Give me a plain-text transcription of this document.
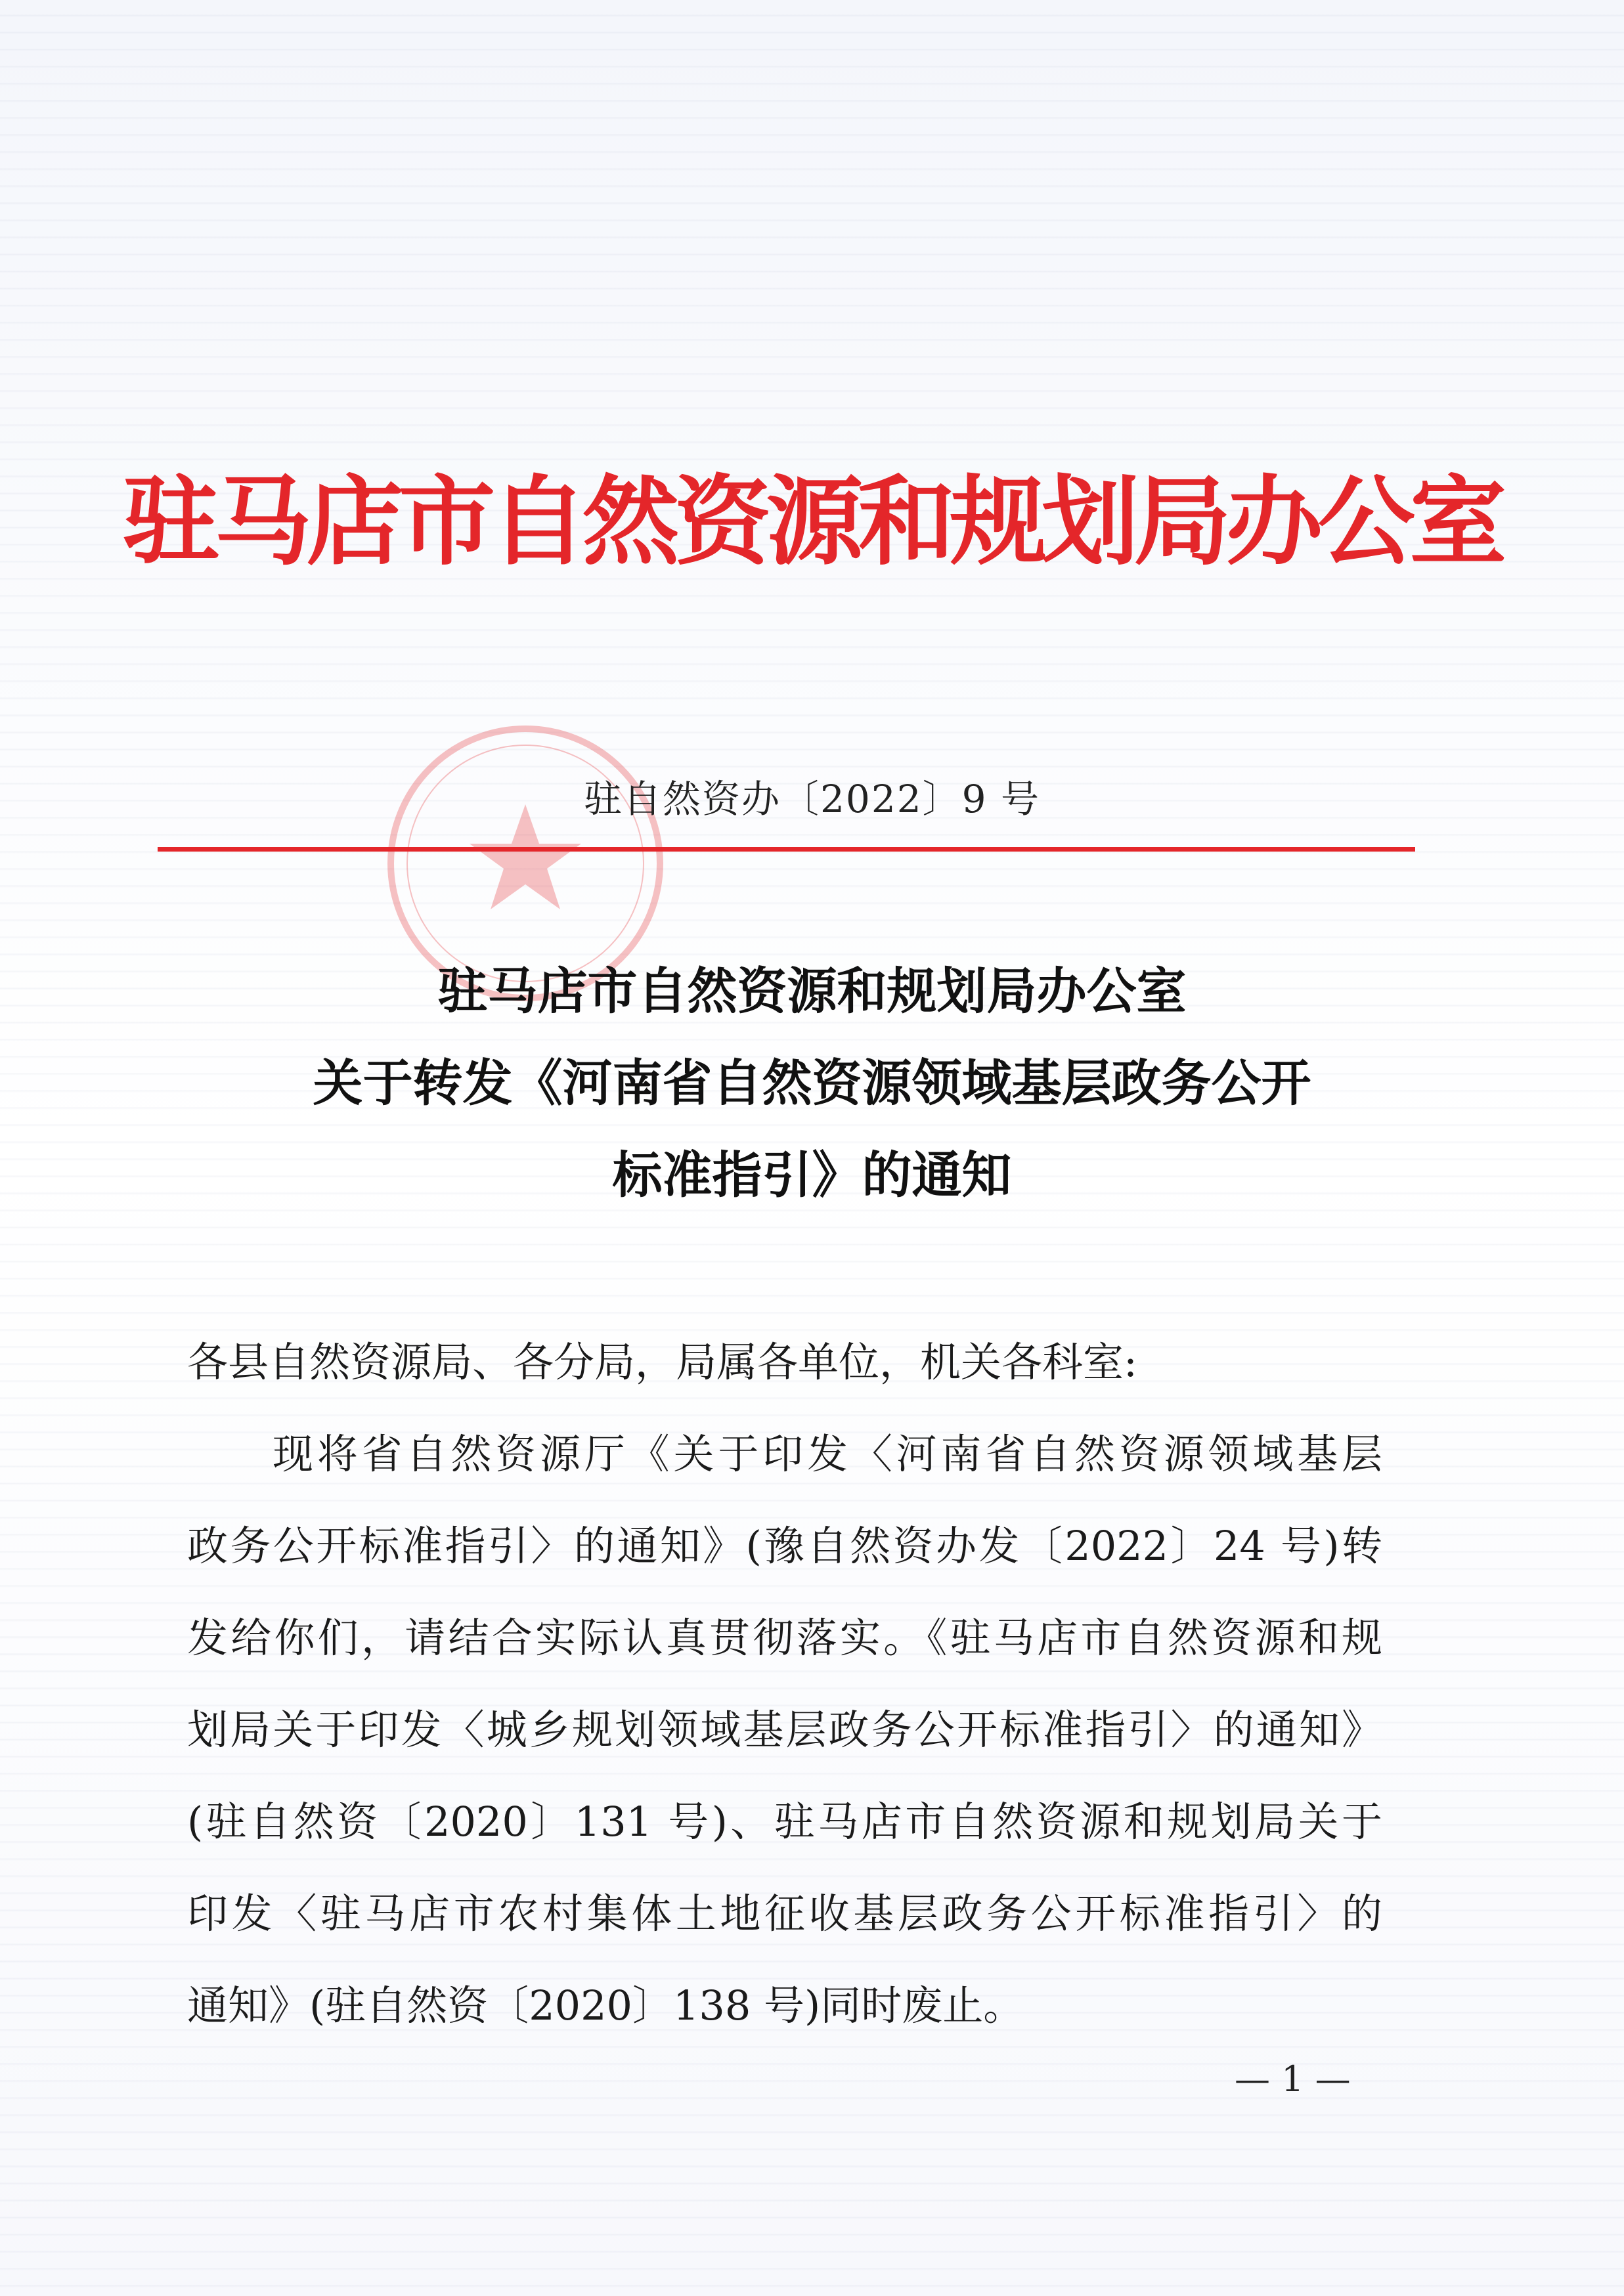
驻马店市自然资源和规划局办公室
驻自然资办〔2022〕9 号
驻马店市自然资源和规划局办公室
关于转发《河南省自然资源领域基层政务公开
标准指引》的通知
各县自然资源局、各分局，局属各单位，机关各科室:
现将省自然资源厅《关于印发〈河南省自然资源领域基层
政务公开标准指引〉的通知》(豫自然资办发〔2022〕24 号)转
发给你们，请结合实际认真贯彻落实。《驻马店市自然资源和规
划局关于印发〈城乡规划领域基层政务公开标准指引〉的通知》
(驻自然资〔2020〕131 号)、驻马店市自然资源和规划局关于
印发〈驻马店市农村集体土地征收基层政务公开标准指引〉的
通知》(驻自然资〔2020〕138 号)同时废止。
— 1 —
